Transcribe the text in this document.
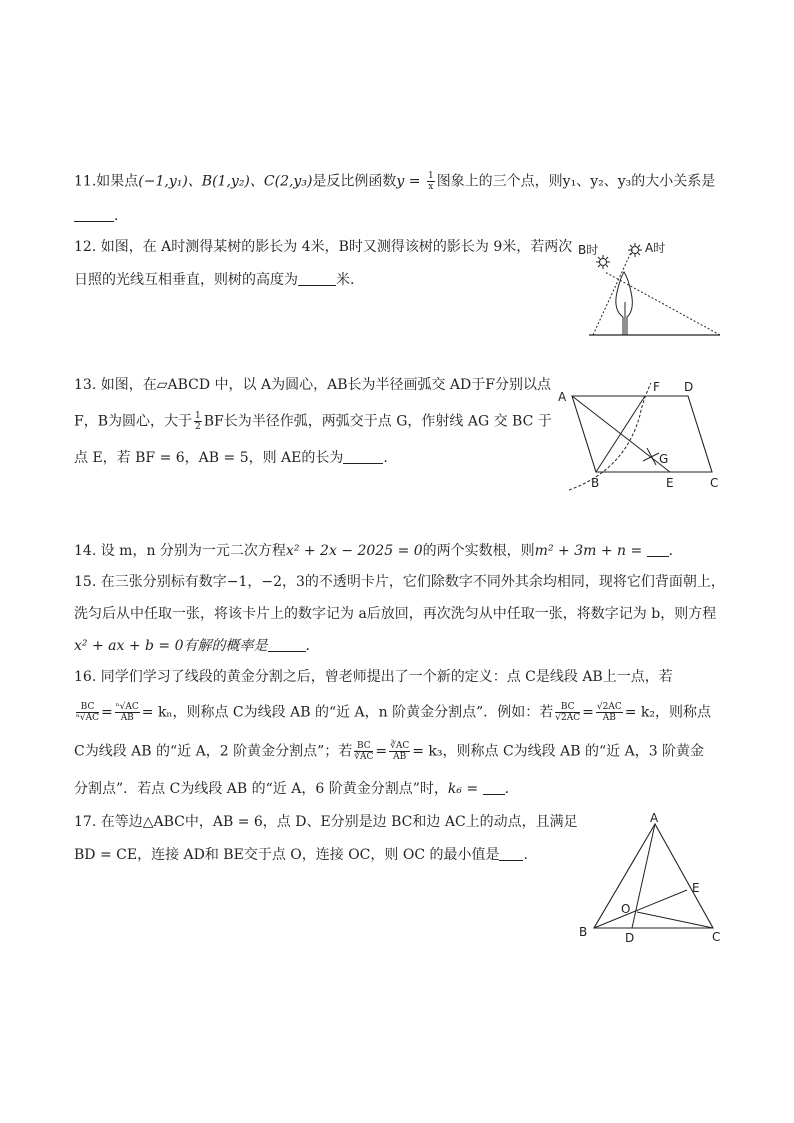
11.如果点(−1,y₁)、B(1,y₂)、C(2,y₃)是反比例函数$y = \frac{1}{x}$ 图象上的三个点，则y₁、y₂、y₃的大小关系是
.
12. 如图，在 A时测得某树的影长为 4米，B时又测得该树的影长为 9米，若两次
日照的光线互相垂直，则树的高度为	米.
B时	A时
13. 如图，在▱ABCD 中，以 A为圆心，AB长为半径画弧交 AD于F分别以点
F，B为圆心，大于 $\frac{1}{2}$ BF长为半径作弧，两弧交于点 G，作射线 AG 交 BC 于
点 E，若 BF = 6，AB = 5，则 AE的长为	.
A
B	C
D
E
F
G
14. 设 m，n 分别为一元二次方程x² + 2x − 2025 = 0的两个实数根，则m² + 3m + n = .
15. 在三张分别标有数字−1，−2，3的不透明卡片，它们除数字不同外其余均相同，现将它们背面朝上，
洗匀后从中任取一张，将该卡片上的数字记为 a后放回，再次洗匀从中任取一张，将数字记为 b，则方程
x² + ax + b = 0有解的概率是	.
16. 同学们学习了线段的黄金分割之后，曾老师提出了一个新的定义：点 C是线段 AB上一点，若
$\frac{BC}{\text{ⁿ√AC}} = \frac{\text{ⁿ√AC}}{AB} = k_n$，则称点 C为线段 AB 的“近 A，n 阶黄金分割点”．例如：若 $\frac{BC}{√2AC} = \frac{√2AC}{AB} = k_2$，则称点
C为线段 AB 的“近 A，2 阶黄金分割点”；若 $\frac{BC}{∛AC} = \frac{∛AC}{AB} = k_3$，则称点 C为线段 AB 的“近 A，3 阶黄金
分割点”．若点 C为线段 AB 的“近 A，6 阶黄金分割点”时，k₆ = .
17. 在等边△ABC中，AB = 6，点 D、E分别是边 BC和边 AC上的动点，且满足
BD = CE，连接 AD和 BE交于点 O，连接 OC，则 OC 的最小值是 .
A
B	C
D
E
O
